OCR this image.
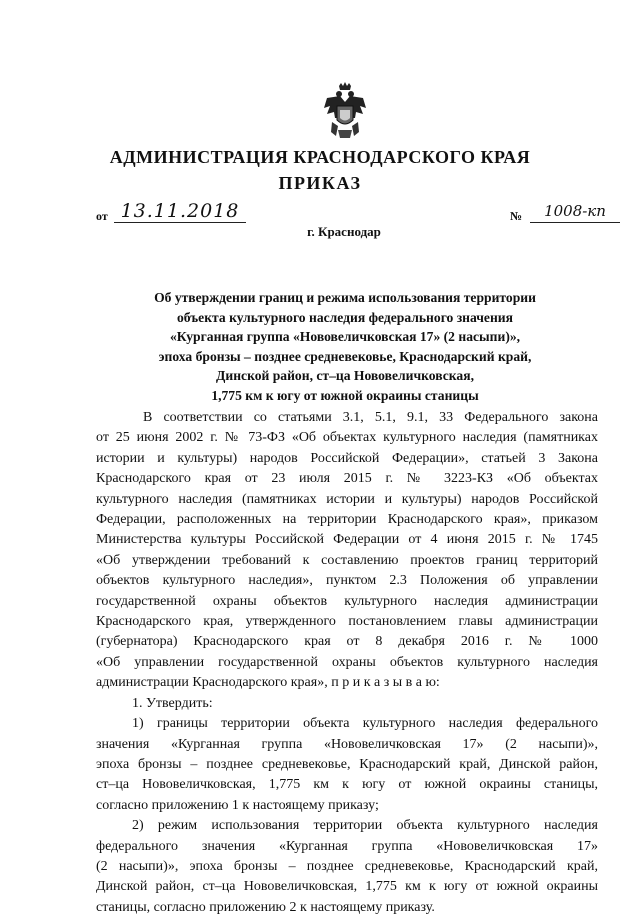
АДМИНИСТРАЦИЯ КРАСНОДАРСКОГО КРАЯ
ПРИКАЗ
от 13.11.2018	№	1008-кп
г. Краснодар
Об утверждении границ и режима использования территории
объекта культурного наследия федерального значения
«Курганная группа «Нововеличковская 17» (2 насыпи)»,
эпоха бронзы – позднее средневековье, Краснодарский край,
Динской район, ст–ца Нововеличковская,
1,775 км к югу от южной окраины станицы
В соответствии со статьями 3.1, 5.1, 9.1, 33 Федерального закона
от 25 июня 2002 г. № 73-ФЗ «Об объектах культурного наследия (памятниках
истории и культуры) народов Российской Федерации», статьей 3 Закона
Краснодарского края от 23 июля 2015 г. № 3223-КЗ «Об объектах
культурного наследия (памятниках истории и культуры) народов Российской
Федерации, расположенных на территории Краснодарского края», приказом
Министерства культуры Российской Федерации от 4 июня 2015 г. № 1745
«Об утверждении требований к составлению проектов границ территорий
объектов культурного наследия», пунктом 2.3 Положения об управлении
государственной охраны объектов культурного наследия администрации
Краснодарского края, утвержденного постановлением главы администрации
(губернатора) Краснодарского края от 8 декабря 2016 г. № 1000
«Об управлении государственной охраны объектов культурного наследия
администрации Краснодарского края», п р и к а з ы в а ю:
1. Утвердить:
1) границы территории объекта культурного наследия федерального
значения «Курганная группа «Нововеличковская 17» (2 насыпи)»,
эпоха бронзы – позднее средневековье, Краснодарский край, Динской район,
ст–ца Нововеличковская, 1,775 км к югу от южной окраины станицы,
согласно приложению 1 к настоящему приказу;
2) режим использования территории объекта культурного наследия
федерального значения «Курганная группа «Нововеличковская 17»
(2 насыпи)», эпоха бронзы – позднее средневековье, Краснодарский край,
Динской район, ст–ца Нововеличковская, 1,775 км к югу от южной окраины
станицы, согласно приложению 2 к настоящему приказу.
